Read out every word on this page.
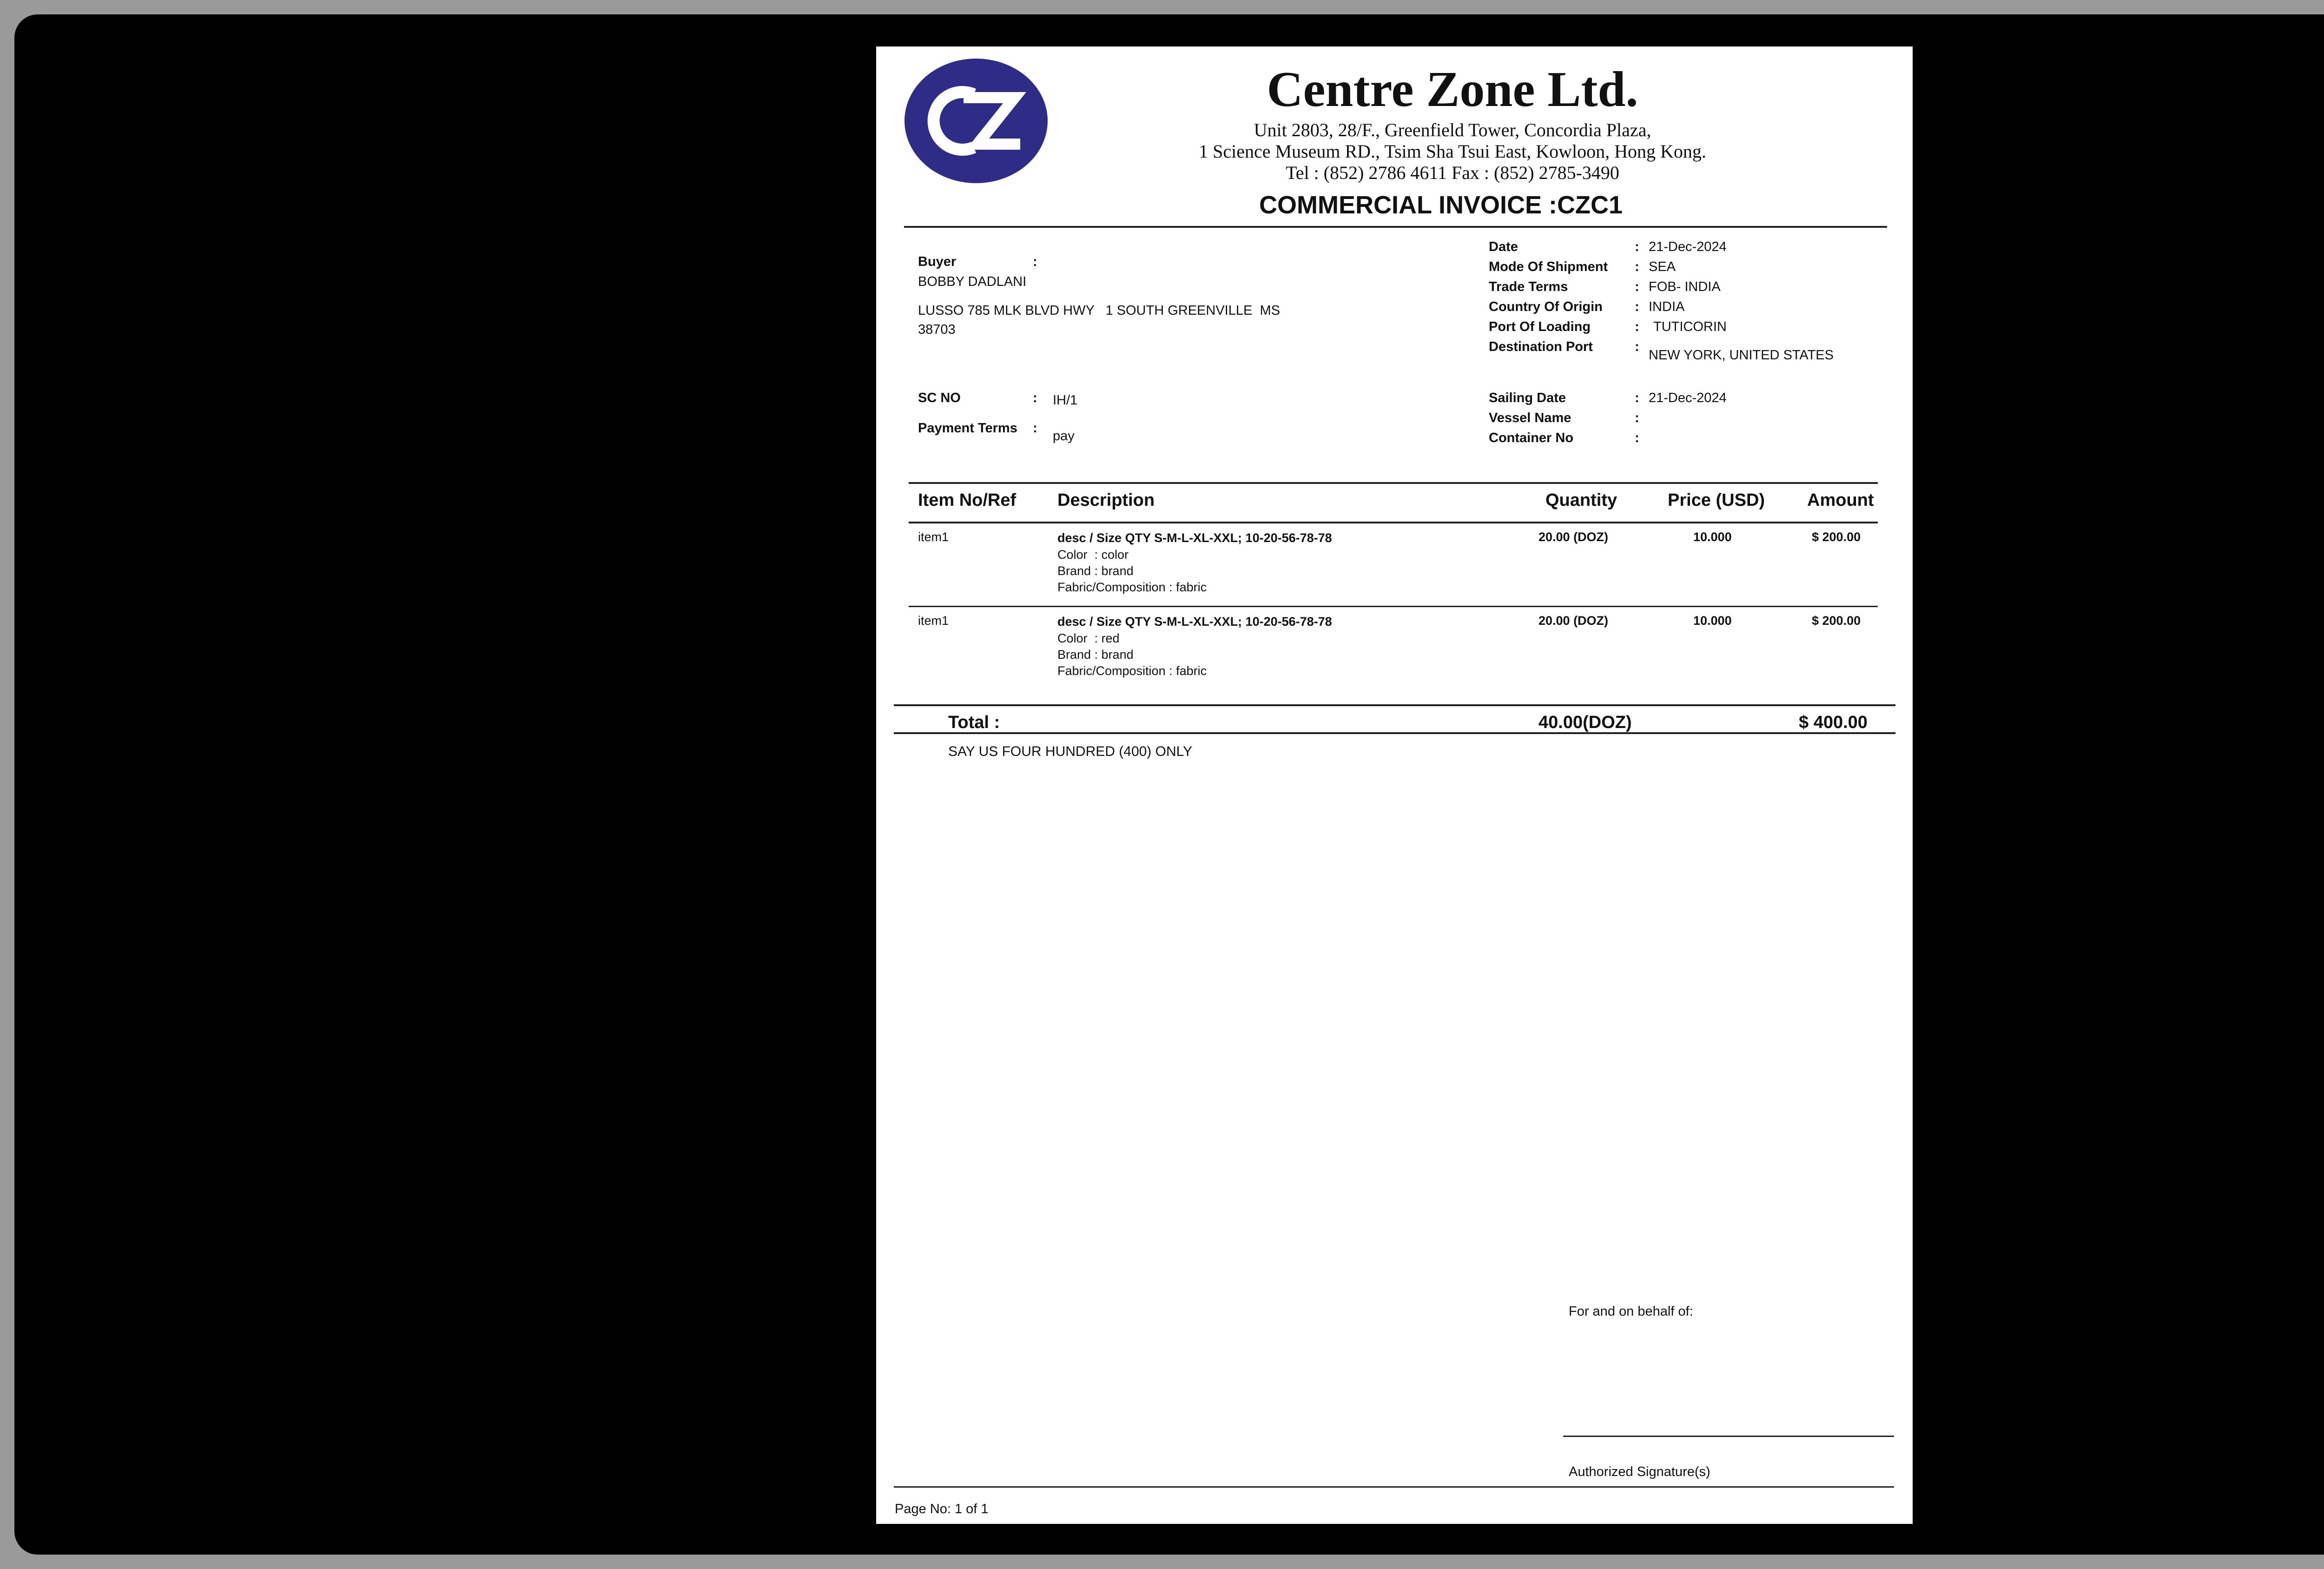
Centre Zone Ltd.
Unit 2803, 28/F., Greenfield Tower, Concordia Plaza,
1 Science Museum RD., Tsim Sha Tsui East, Kowloon, Hong Kong.
Tel : (852) 2786 4611 Fax : (852) 2785-3490
COMMERCIAL INVOICE :CZC1
Buyer	:
BOBBY DADLANI
LUSSO 785 MLK BLVD HWY   1 SOUTH GREENVILLE  MS
38703
SC NO	: IH/1
Payment Terms :
pay
Date	: 21-Dec-2024
Mode Of Shipment : SEA
Trade Terms	: FOB- INDIA
Country Of Origin : INDIA
Port Of Loading	: TUTICORIN
Destination Port	:
NEW YORK, UNITED STATES
Sailing Date	: 21-Dec-2024
Vessel Name	:
Container No	:
Item No/Ref Description	Quantity	Price (USD) Amount
item1	desc / Size QTY S-M-L-XL-XXL; 10-20-56-78-78
Color  : color
Brand : brand
Fabric/Composition : fabric
20.00 (DOZ)	10.000	$ 200.00
item1	desc / Size QTY S-M-L-XL-XXL; 10-20-56-78-78
Color  : red
Brand : brand
Fabric/Composition : fabric
20.00 (DOZ)	10.000	$ 200.00
Total :	40.00(DOZ)	$ 400.00
SAY US FOUR HUNDRED (400) ONLY
For and on behalf of:
Authorized Signature(s)
Page No: 1 of 1
